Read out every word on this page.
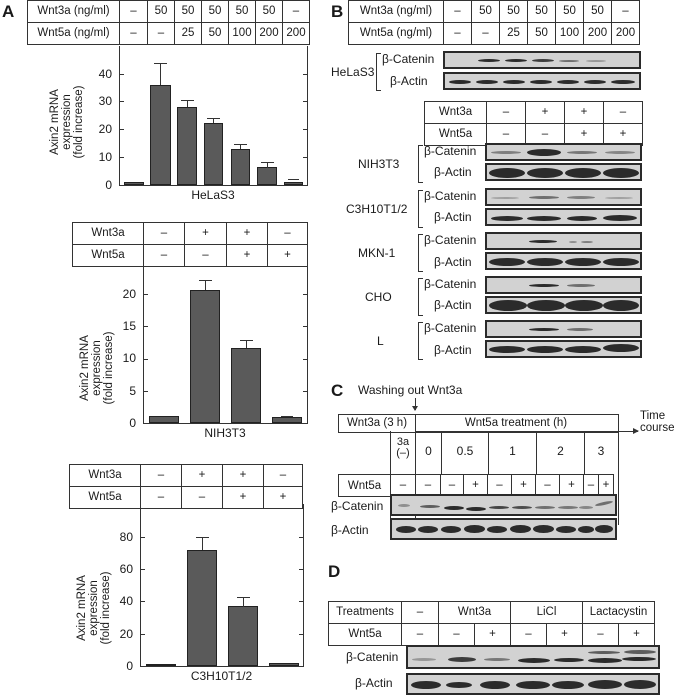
A Wnt3a (ng/ml)	–	50	50	50	50	50	–
Wnt5a (ng/ml)	–	–	25	50	100	200	200
0
10
20
30
40
Axin2 mRNA expression (fold increase)
HeLaS3
Wnt3a	–	+	+	–
Wnt5a	–	–	+	+
0
5
10
15
20
Axin2 mRNA expression (fold increase)
NIH3T3
Wnt3a	–	+	+	–
Wnt5a	–	–	+	+
0
20
40
60
80
Axin2 mRNA expression (fold increase)
C3H10T1/2
B Wnt3a (ng/ml)	–	50	50	50	50	50	–
Wnt5a (ng/ml)	–	–	25	50	100	200	200
HeLaS3
β-Catenin
β-Actin
Wnt3a	–	+	+	–
Wnt5a	–	–	+	+
NIH3T3
β-Catenin
β-Actin
C3H10T1/2
β-Catenin
β-Actin
MKN-1
β-Catenin
β-Actin
CHO
β-Catenin
β-Actin
L
β-Catenin
β-Actin
C Washing out Wnt3a
Wnt3a (3 h)	Wnt5a treatment (h)
Time
course
3a
(–)	0	0.5	1	2	3
Wnt5a	–	–	–	+	–	+	–	+	–	+
β-Catenin
β-Actin
D
Treatments	–	Wnt3a		LiCl		Lactacystin	
Wnt5a	–	–	+	–	+	–	+
β-Catenin
β-Actin
